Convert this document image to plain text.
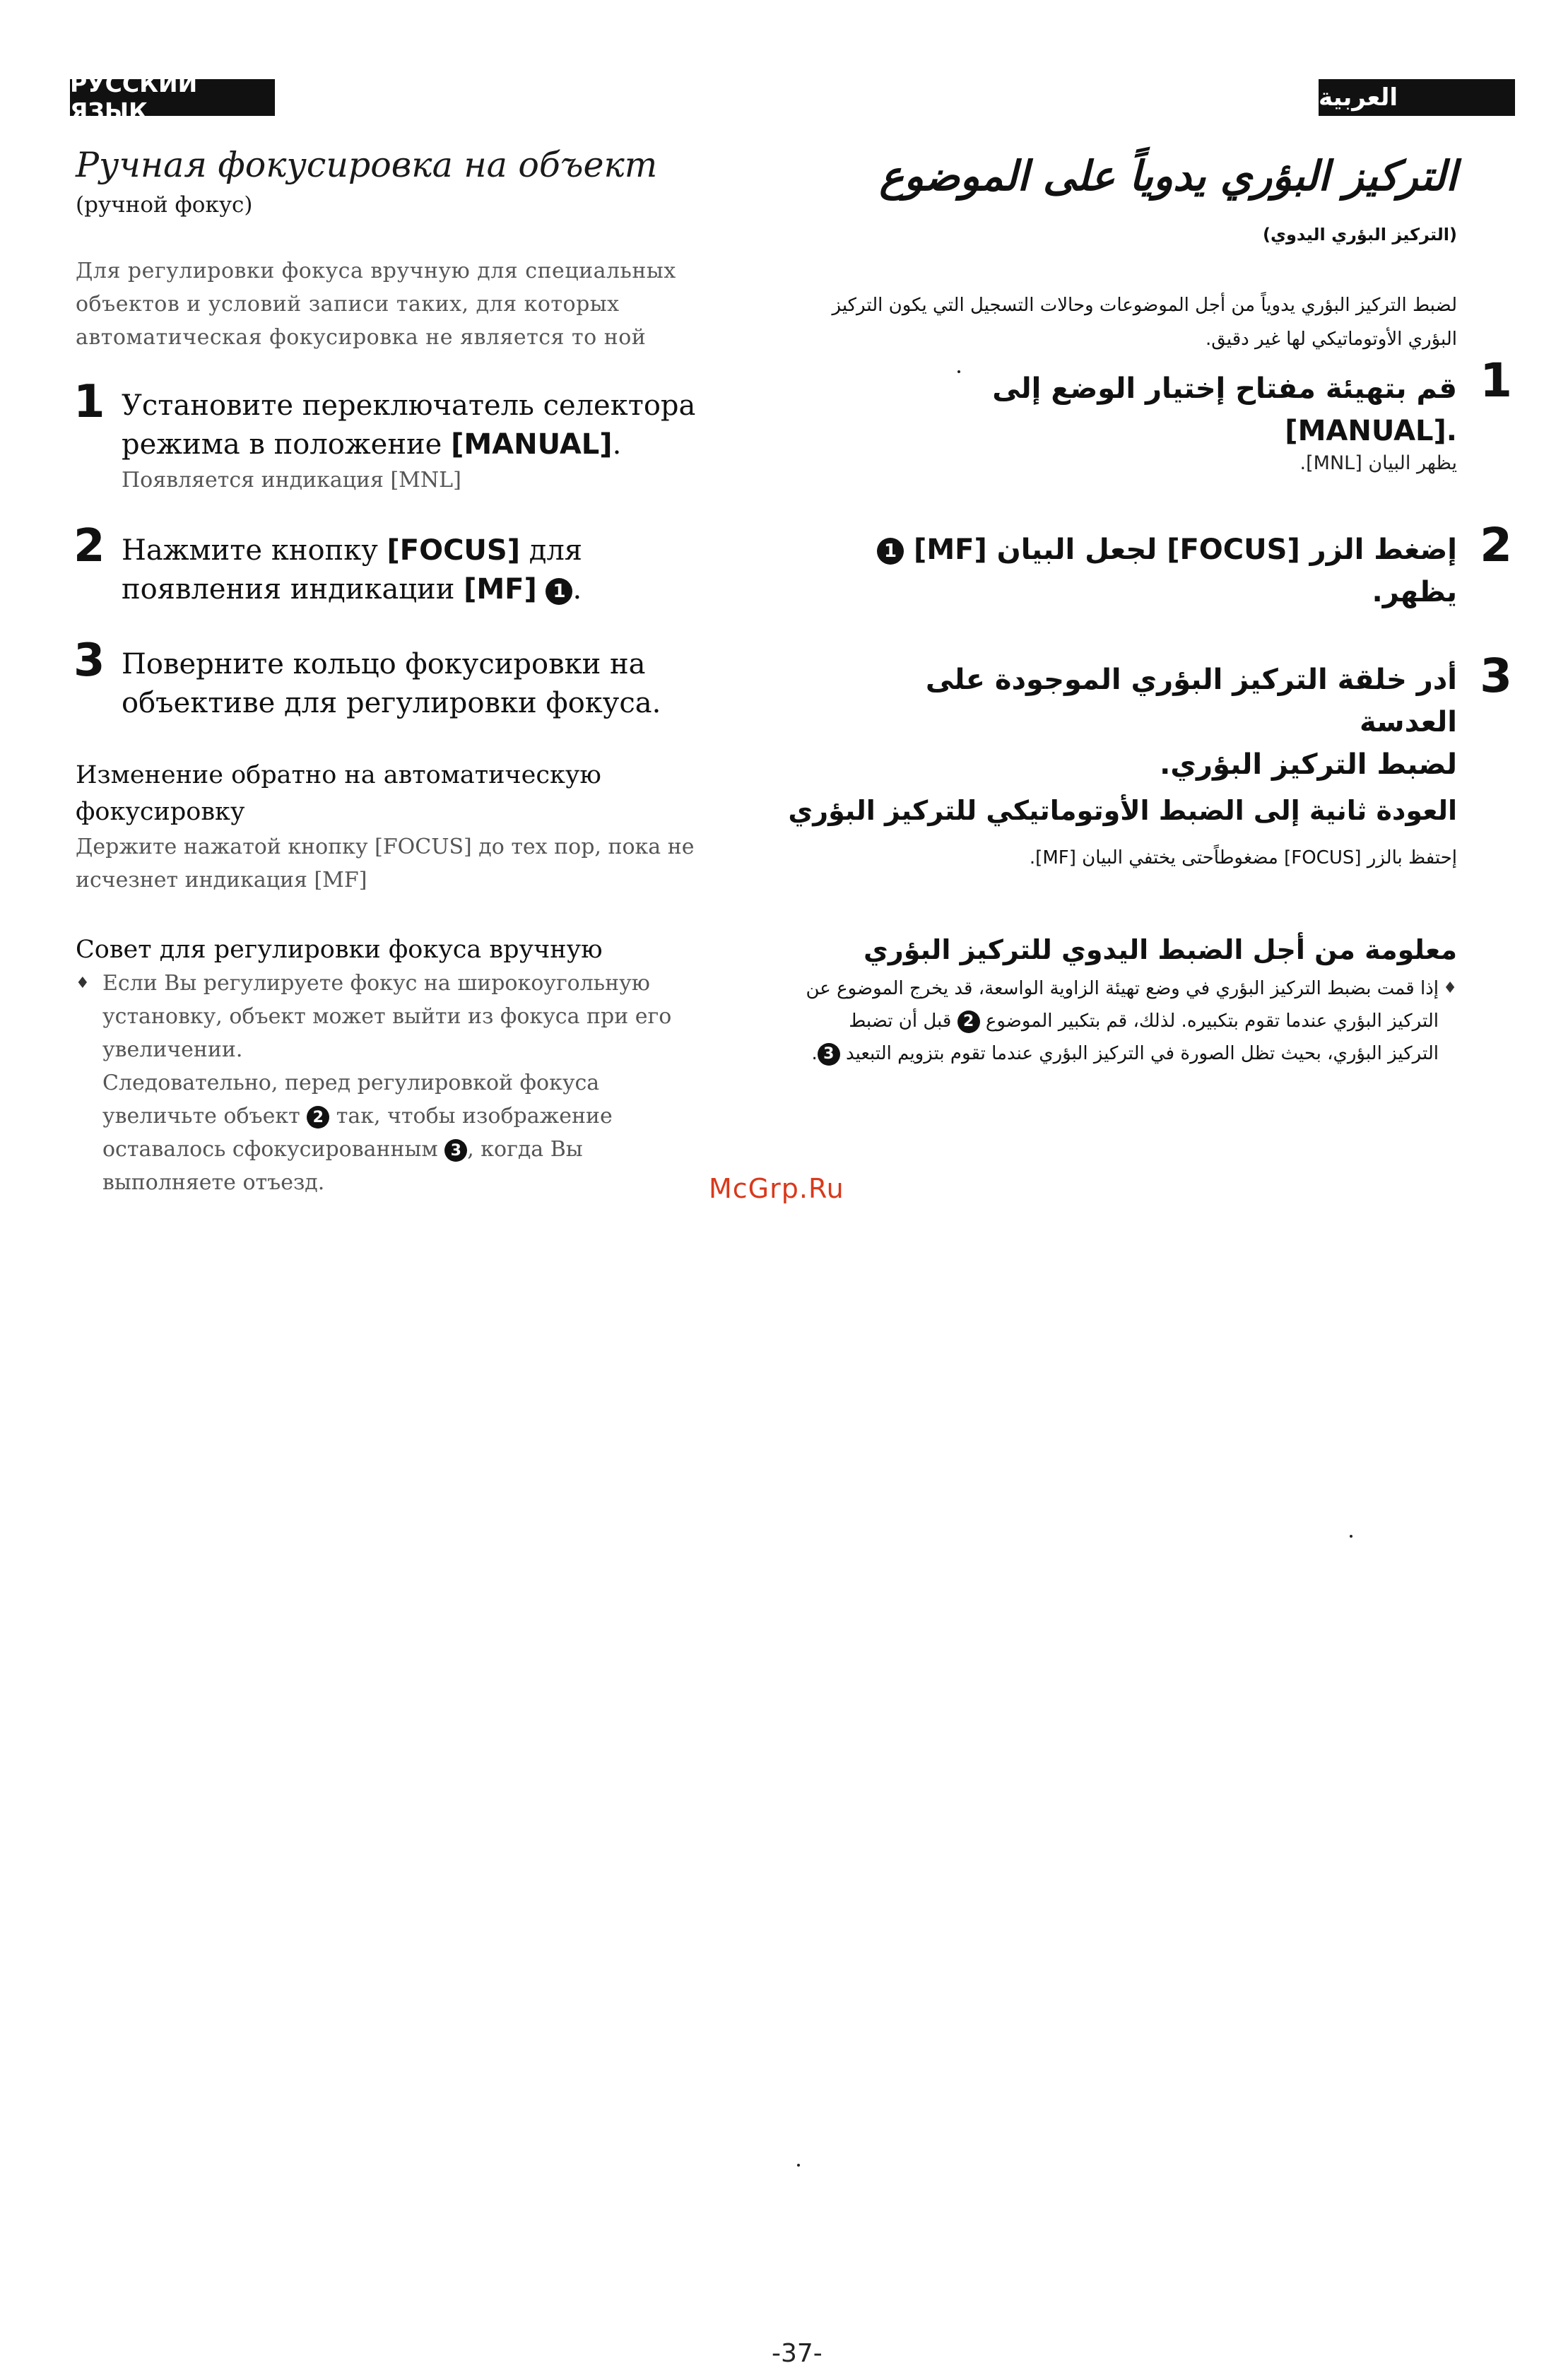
РУССКИЙ ЯЗЫК	العربية
Ручная фокусировка на объект
(ручной фокус)
Для регулировки фокуса вручную для специальных
объектов и условий записи таких, для которых
автоматическая фокусировка не является то ной
1 Установите переключатель селектора
режима в положение [MANUAL].
Появляется индикация [MNL]
2 Нажмите кнопку [FOCUS] для
появления индикации [MF] 1 .
3 Поверните кольцо фокусировки на
объективе для регулировки фокуса.
Изменение обратно на автоматическую
фокусировку
Держите нажатой кнопку [FOCUS] до тех пор, пока не
исчезнет индикация [MF]
Совет для регулировки фокуса вручную
♦ Если Вы регулируете фокус на широкоугольную
установку, объект может выйти из фокуса при его
увеличении.
Следовательно, перед регулировкой фокуса
увеличьте объект 2 так, чтобы изображение
оставалось сфокусированным 3 , когда Вы
выполняете отъезд.
التركيز البؤري يدوياً على الموضوع
(التركيز البؤري اليدوي)
لضبط التركيز البؤري يدوياً من أجل الموضوعات وحالات التسجيل التي يكون التركيز
البؤري الأوتوماتيكي لها غير دقيق.
1
قم بتهيئة مفتاح إختيار الوضع إلى
.[MANUAL]
يظهر البيان [MNL].
2
إضغط الزر [FOCUS] لجعل البيان [MF] 1
يظهر.
3
أدر خلقة التركيز البؤري الموجودة على العدسة
لضبط التركيز البؤري.
العودة ثانية إلى الضبط الأوتوماتيكي للتركيز البؤري
إحتفظ بالزر [FOCUS] مضغوطاًحتى يختفي البيان [MF].
معلومة من أجل الضبط اليدوي للتركيز البؤري
♦
إذا قمت بضبط التركيز البؤري في وضع تهيئة الزاوية الواسعة، قد يخرج الموضوع عن
التركيز البؤري عندما تقوم بتكبيره. لذلك، قم بتكبير الموضوع 2 قبل أن تضبط
التركيز البؤري، بحيث تظل الصورة في التركيز البؤري عندما تقوم بتزويم التبعيد 3.
McGrp.Ru
-37-
